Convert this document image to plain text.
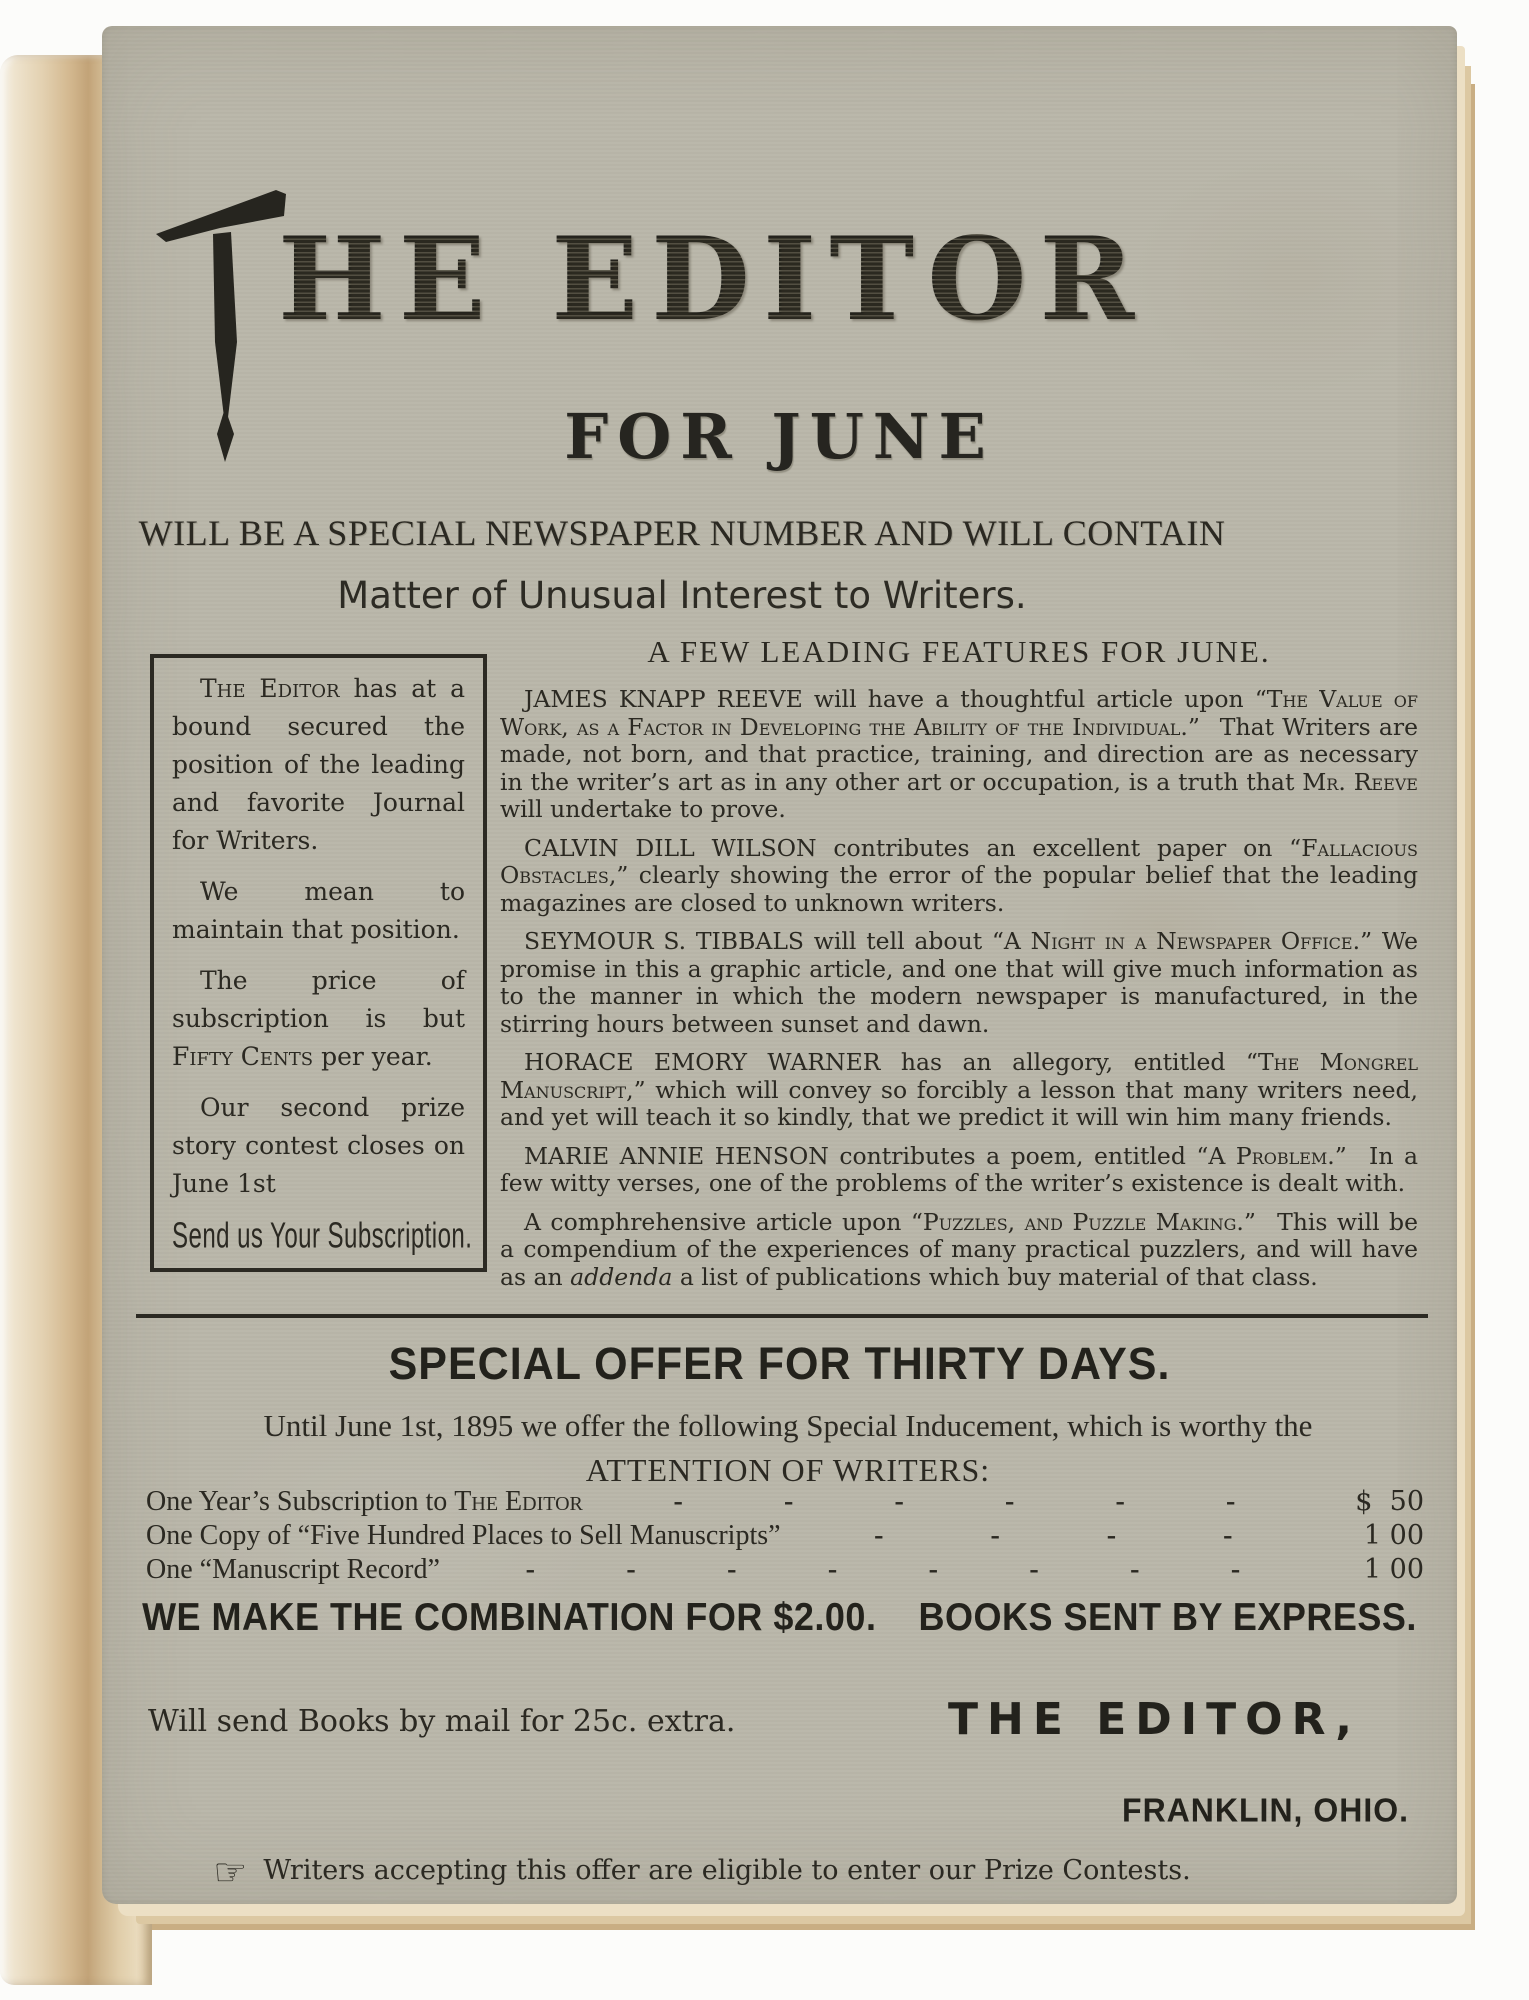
HE EDITOR
FOR JUNE
WILL BE A SPECIAL NEWSPAPER NUMBER AND WILL CONTAIN
Matter of Unusual Interest to Writers.

The Editor has at a bound secured the position of the leading and favorite Journal for Writers.

We mean to maintain that position.

The price of subscription is but Fifty Cents per year.

Our second prize story contest closes on June 1st

Send us Your Subscription.

A FEW LEADING FEATURES FOR JUNE.

JAMES KNAPP REEVE will have a thoughtful article upon “The Value of Work, as a Factor in Developing the Ability of the Individual.”  That Writers are made, not born, and that practice, training, and direction are as necessary in the writer’s art as in any other art or occupation, is a truth that Mr. Reeve will undertake to prove.

CALVIN DILL WILSON contributes an excellent paper on “Fallacious Obstacles,” clearly showing the error of the popular belief that the leading magazines are closed to unknown writers.

SEYMOUR S. TIBBALS will tell about “A Night in a Newspaper Office.” We promise in this a graphic article, and one that will give much information as to the manner in which the modern newspaper is manufactured, in the stirring hours between sunset and dawn.

HORACE EMORY WARNER has an allegory, entitled “The Mongrel Manuscript,” which will convey so forcibly a lesson that many writers need, and yet will teach it so kindly, that we predict it will win him many friends.

MARIE ANNIE HENSON contributes a poem, entitled “A Problem.”  In a few witty verses, one of the problems of the writer’s existence is dealt with.

A comphrehensive article upon “Puzzles, and Puzzle Making.”  This will be a compendium of the experiences of many practical puzzlers, and will have as an addenda a list of publications which buy material of that class.

SPECIAL OFFER FOR THIRTY DAYS.
Until June 1st, 1895 we offer the following Special Inducement, which is worthy the
ATTENTION OF WRITERS:
One Year’s Subscription to The Editor	-	-	-	-	-	-	$  50
One Copy of “Five Hundred Places to Sell Manuscripts”	-	-	-	-	1 00
One “Manuscript Record”	-	-	-	-	-	-	-	-	1 00
WE MAKE THE COMBINATION FOR $2.00. BOOKS SENT BY EXPRESS.
Will send Books by mail for 25c. extra.	THE EDITOR,
FRANKLIN, OHIO.
☞ Writers accepting this offer are eligible to enter our Prize Contests.
